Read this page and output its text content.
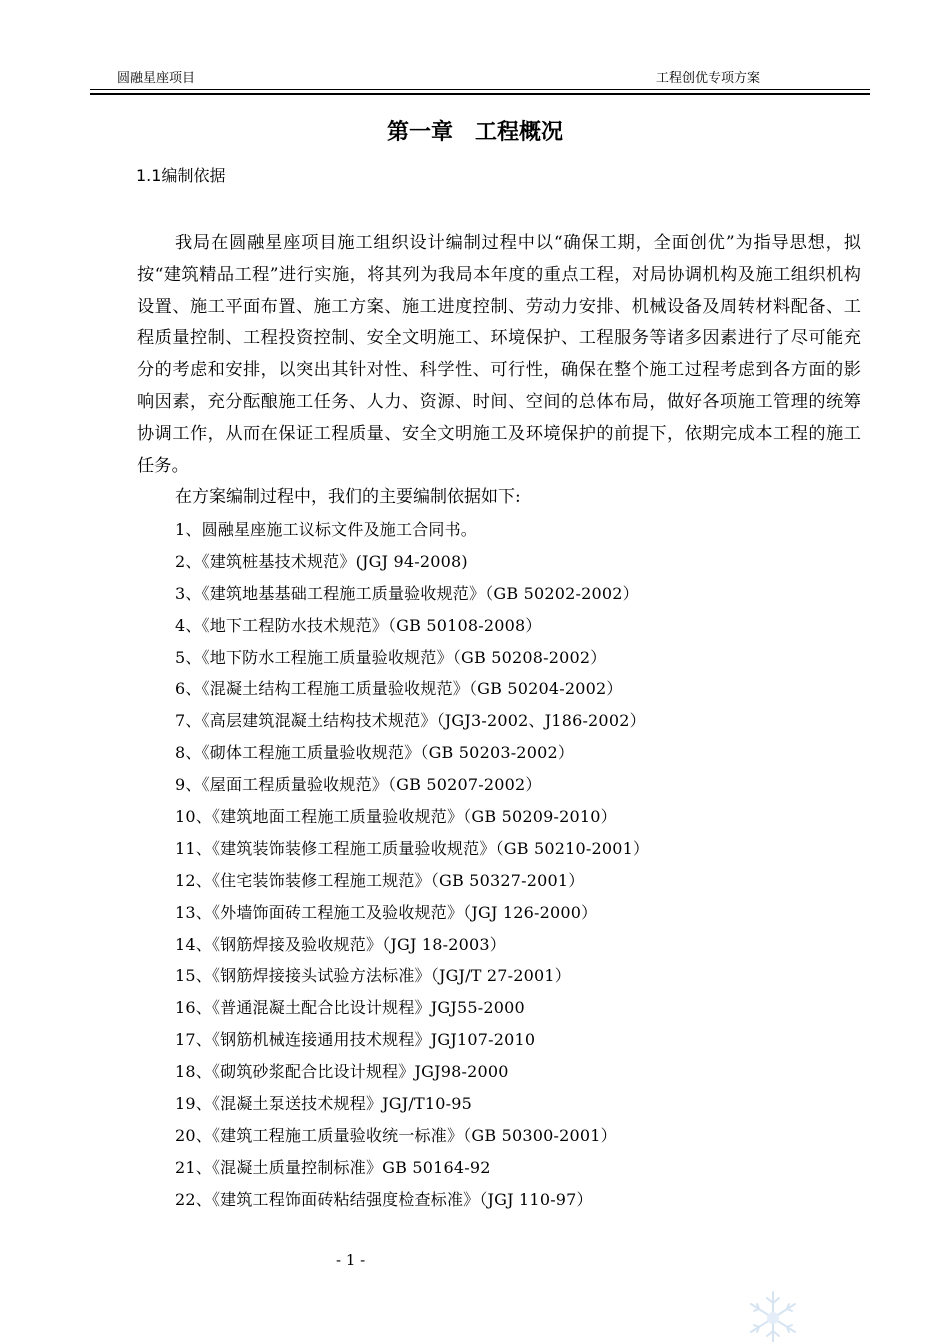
圆融星座项目	工程创优专项方案
第一章　工程概况
1.1编制依据

我局在圆融星座项目施工组织设计编制过程中以“确保工期，全面创优”为指导思想，拟按“建筑精品工程”进行实施，将其列为我局本年度的重点工程，对局协调机构及施工组织机构设置、施工平面布置、施工方案、施工进度控制、劳动力安排、机械设备及周转材料配备、工程质量控制、工程投资控制、安全文明施工、环境保护、工程服务等诸多因素进行了尽可能充分的考虑和安排，以突出其针对性、科学性、可行性，确保在整个施工过程考虑到各方面的影响因素，充分酝酿施工任务、人力、资源、时间、空间的总体布局，做好各项施工管理的统筹协调工作，从而在保证工程质量、安全文明施工及环境保护的前提下，依期完成本工程的施工任务。

在方案编制过程中，我们的主要编制依据如下:
1、圆融星座施工议标文件及施工合同书。
2、《建筑桩基技术规范》(JGJ 94-2008)
3、《建筑地基基础工程施工质量验收规范》（GB 50202-2002）
4、《地下工程防水技术规范》（GB 50108-2008）
5、《地下防水工程施工质量验收规范》（GB 50208-2002）
6、《混凝土结构工程施工质量验收规范》（GB 50204-2002）
7、《高层建筑混凝土结构技术规范》（JGJ3-2002、J186-2002）
8、《砌体工程施工质量验收规范》（GB 50203-2002）
9、《屋面工程质量验收规范》（GB 50207-2002）
10、《建筑地面工程施工质量验收规范》（GB 50209-2010）
11、《建筑装饰装修工程施工质量验收规范》（GB 50210-2001）
12、《住宅装饰装修工程施工规范》（GB 50327-2001）
13、《外墙饰面砖工程施工及验收规范》（JGJ 126-2000）
14、《钢筋焊接及验收规范》（JGJ 18-2003）
15、《钢筋焊接接头试验方法标准》（JGJ/T 27-2001）
16、《普通混凝土配合比设计规程》JGJ55-2000
17、《钢筋机械连接通用技术规程》JGJ107-2010
18、《砌筑砂浆配合比设计规程》JGJ98-2000
19、《混凝土泵送技术规程》JGJ/T10-95
20、《建筑工程施工质量验收统一标准》（GB 50300-2001）
21、《混凝土质量控制标准》GB 50164-92
22、《建筑工程饰面砖粘结强度检查标准》（JGJ 110-97）
- 1 -
